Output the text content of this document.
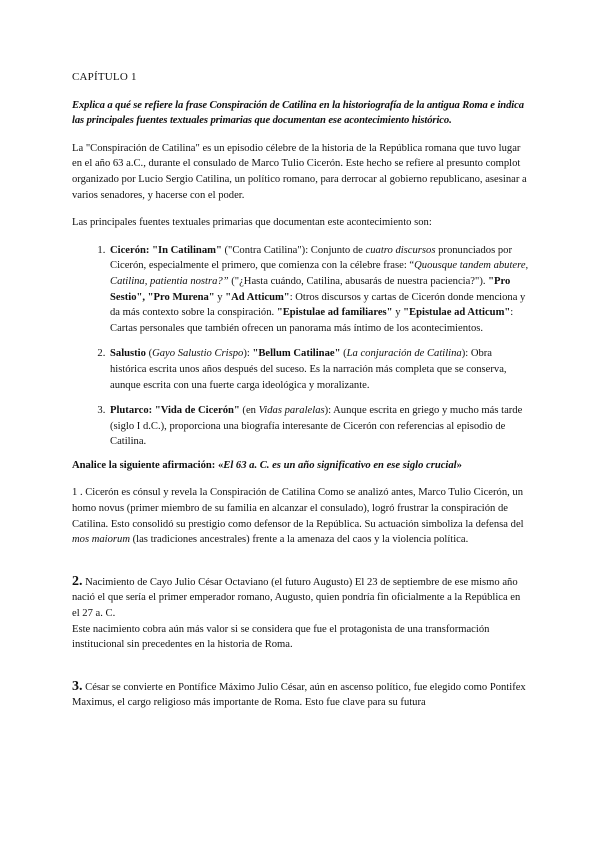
CAPÍTULO 1

Explica a qué se refiere la frase Conspiración de Catilina en la historiografía de la antigua Roma e indica las principales fuentes textuales primarias que documentan ese acontecimiento histórico.

La "Conspiración de Catilina" es un episodio célebre de la historia de la República romana que tuvo lugar en el año 63 a.C., durante el consulado de Marco Tulio Cicerón. Este hecho se refiere al presunto complot organizado por Lucio Sergio Catilina, un político romano, para derrocar al gobierno republicano, asesinar a varios senadores, y hacerse con el poder.

Las principales fuentes textuales primarias que documentan este acontecimiento son:

1. Cicerón: "In Catilinam" ("Contra Catilina"): Conjunto de cuatro discursos pronunciados por Cicerón, especialmente el primero, que comienza con la célebre frase: “Quousque tandem abutere, Catilina, patientia nostra?” ("¿Hasta cuándo, Catilina, abusarás de nuestra paciencia?"). "Pro Sestio", "Pro Murena" y "Ad Atticum": Otros discursos y cartas de Cicerón donde menciona y da más contexto sobre la conspiración. "Epistulae ad familiares" y "Epistulae ad Atticum": Cartas personales que también ofrecen un panorama más íntimo de los acontecimientos.
2. Salustio (Gayo Salustio Crispo): "Bellum Catilinae" (La conjuración de Catilina): Obra histórica escrita unos años después del suceso. Es la narración más completa que se conserva, aunque escrita con una fuerte carga ideológica y moralizante.
3. Plutarco: "Vida de Cicerón" (en Vidas paralelas): Aunque escrita en griego y mucho más tarde (siglo I d.C.), proporciona una biografía interesante de Cicerón con referencias al episodio de Catilina.

Analice la siguiente afirmación: «El 63 a. C. es un año significativo en ese siglo crucial»

1 . Cicerón es cónsul y revela la Conspiración de Catilina Como se analizó antes, Marco Tulio Cicerón, un homo novus (primer miembro de su familia en alcanzar el consulado), logró frustrar la conspiración de Catilina. Esto consolidó su prestigio como defensor de la República. Su actuación simboliza la defensa del mos maiorum (las tradiciones ancestrales) frente a la amenaza del caos y la violencia política.

2. Nacimiento de Cayo Julio César Octaviano (el futuro Augusto) El 23 de septiembre de ese mismo año nació el que sería el primer emperador romano, Augusto, quien pondría fin oficialmente a la República en el 27 a. C.
Este nacimiento cobra aún más valor si se considera que fue el protagonista de una transformación institucional sin precedentes en la historia de Roma.

3. César se convierte en Pontífice Máximo Julio César, aún en ascenso político, fue elegido como Pontifex Maximus, el cargo religioso más importante de Roma. Esto fue clave para su futura
